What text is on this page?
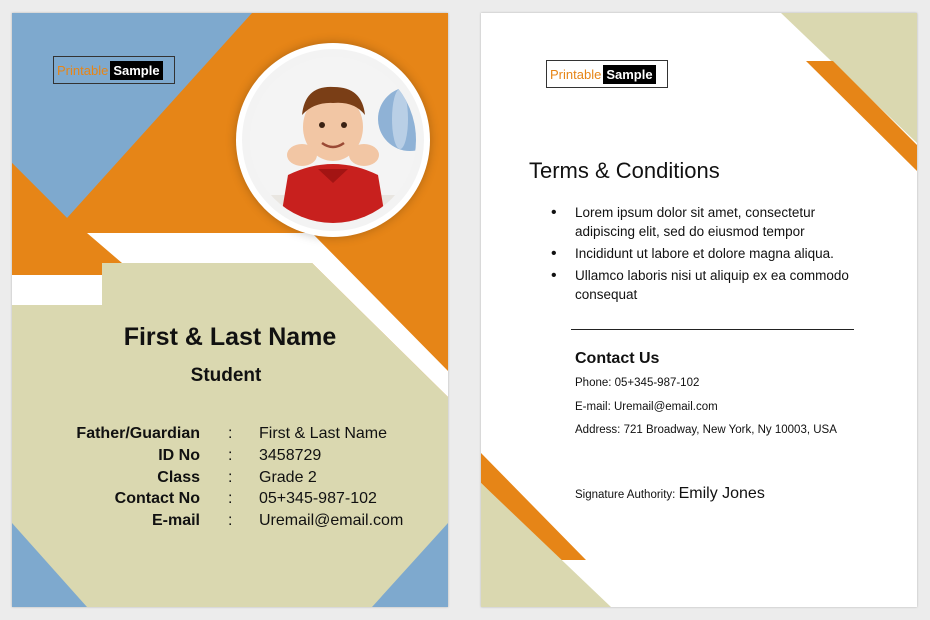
Printable Sample
First & Last Name
Student
Father/Guardian : First & Last Name
ID No : 3458729
Class : Grade 2
Contact No : 05+345-987-102
E-mail : Uremail@email.com
Printable Sample
Terms & Conditions
• Lorem ipsum dolor sit amet, consectetur adipiscing elit, sed do eiusmod tempor
• Incididunt ut labore et dolore magna aliqua.
• Ullamco laboris nisi ut aliquip ex ea commodo consequat
Contact Us
Phone: 05+345-987-102
E-mail: Uremail@email.com
Address: 721 Broadway, New York, Ny 10003, USA
Signature Authority: Emily Jones
